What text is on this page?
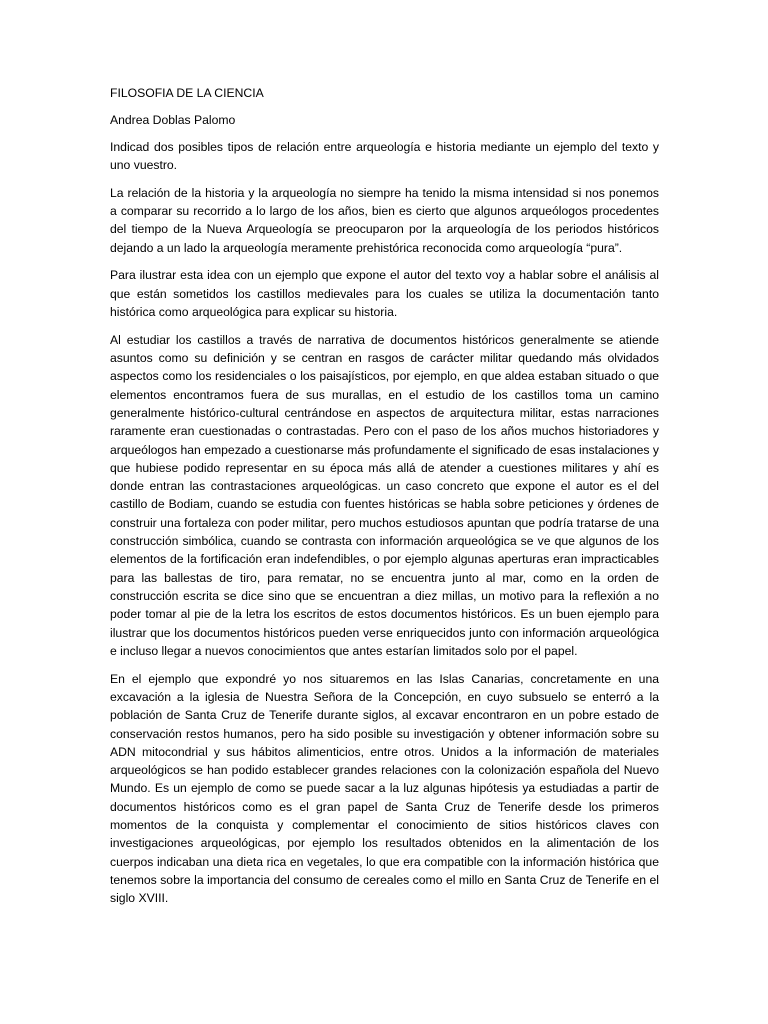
FILOSOFIA DE LA CIENCIA

Andrea Doblas Palomo

Indicad dos posibles tipos de relación entre arqueología e historia mediante un ejemplo del texto y uno vuestro.

La relación de la historia y la arqueología no siempre ha tenido la misma intensidad si nos ponemos a comparar su recorrido a lo largo de los años, bien es cierto que algunos arqueólogos procedentes del tiempo de la Nueva Arqueología se preocuparon por la arqueología de los periodos históricos dejando a un lado la arqueología meramente prehistórica reconocida como arqueología “pura”.

Para ilustrar esta idea con un ejemplo que expone el autor del texto voy a hablar sobre el análisis al que están sometidos los castillos medievales para los cuales se utiliza la documentación tanto histórica como arqueológica para explicar su historia.

Al estudiar los castillos a través de narrativa de documentos históricos generalmente se atiende asuntos como su definición y se centran en rasgos de carácter militar quedando más olvidados aspectos como los residenciales o los paisajísticos, por ejemplo, en que aldea estaban situado o que elementos encontramos fuera de sus murallas, en el estudio de los castillos toma un camino generalmente histórico-cultural centrándose en aspectos de arquitectura militar, estas narraciones raramente eran cuestionadas o contrastadas. Pero con el paso de los años muchos historiadores y arqueólogos han empezado a cuestionarse más profundamente el significado de esas instalaciones y que hubiese podido representar en su época más allá de atender a cuestiones militares y ahí es donde entran las contrastaciones arqueológicas. un caso concreto que expone el autor es el del castillo de Bodiam, cuando se estudia con fuentes históricas se habla sobre peticiones y órdenes de construir una fortaleza con poder militar, pero muchos estudiosos apuntan que podría tratarse de una construcción simbólica, cuando se contrasta con información arqueológica se ve que algunos de los elementos de la fortificación eran indefendibles, o por ejemplo algunas aperturas eran impracticables para las ballestas de tiro, para rematar, no se encuentra junto al mar, como en la orden de construcción escrita se dice sino que se encuentran a diez millas, un motivo para la reflexión a no poder tomar al pie de la letra los escritos de estos documentos históricos. Es un buen ejemplo para ilustrar que los documentos históricos pueden verse enriquecidos junto con información arqueológica e incluso llegar a nuevos conocimientos que antes estarían limitados solo por el papel.

En el ejemplo que expondré yo nos situaremos en las Islas Canarias, concretamente en una excavación a la iglesia de Nuestra Señora de la Concepción, en cuyo subsuelo se enterró a la población de Santa Cruz de Tenerife durante siglos, al excavar encontraron en un pobre estado de conservación restos humanos, pero ha sido posible su investigación y obtener información sobre su ADN mitocondrial y sus hábitos alimenticios, entre otros. Unidos a la información de materiales arqueológicos se han podido establecer grandes relaciones con la colonización española del Nuevo Mundo. Es un ejemplo de como se puede sacar a la luz algunas hipótesis ya estudiadas a partir de documentos históricos como es el gran papel de Santa Cruz de Tenerife desde los primeros momentos de la conquista y complementar el conocimiento de sitios históricos claves con investigaciones arqueológicas, por ejemplo los resultados obtenidos en la alimentación de los cuerpos indicaban una dieta rica en vegetales, lo que era compatible con la información histórica que tenemos sobre la importancia del consumo de cereales como el millo en Santa Cruz de Tenerife en el siglo XVIII.
